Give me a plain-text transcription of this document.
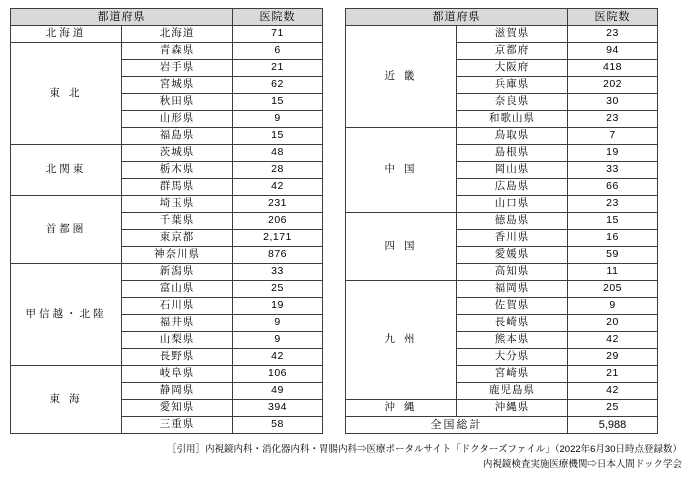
都道府県		医院数
北海道	北海道	71
東 北	青森県	6
	岩手県	21
	宮城県	62
	秋田県	15
	山形県	9
	福島県	15
北関東	茨城県	48
	栃木県	28
	群馬県	42
首都圏	埼玉県	231
	千葉県	206
	東京都	2,171
	神奈川県	876
甲信越・北陸	新潟県	33
	富山県	25
	石川県	19
	福井県	9
	山梨県	9
	長野県	42
東 海	岐阜県	106
	静岡県	49
	愛知県	394
	三重県	58
都道府県		医院数
近 畿	滋賀県	23
	京都府	94
	大阪府	418
	兵庫県	202
	奈良県	30
	和歌山県	23
中 国	鳥取県	7
	島根県	19
	岡山県	33
	広島県	66
	山口県	23
四 国	徳島県	15
	香川県	16
	愛媛県	59
	高知県	11
九 州	福岡県	205
	佐賀県	9
	長崎県	20
	熊本県	42
	大分県	29
	宮崎県	21
	鹿児島県	42
沖 縄	沖縄県	25
全国総計		5,988
［引用］内視鏡内科・消化器内科・胃腸内科⇒医療ポータルサイト「ドクターズファイル」（2022年6月30日時点登録数）
内視鏡検査実施医療機関⇨日本人間ドック学会
